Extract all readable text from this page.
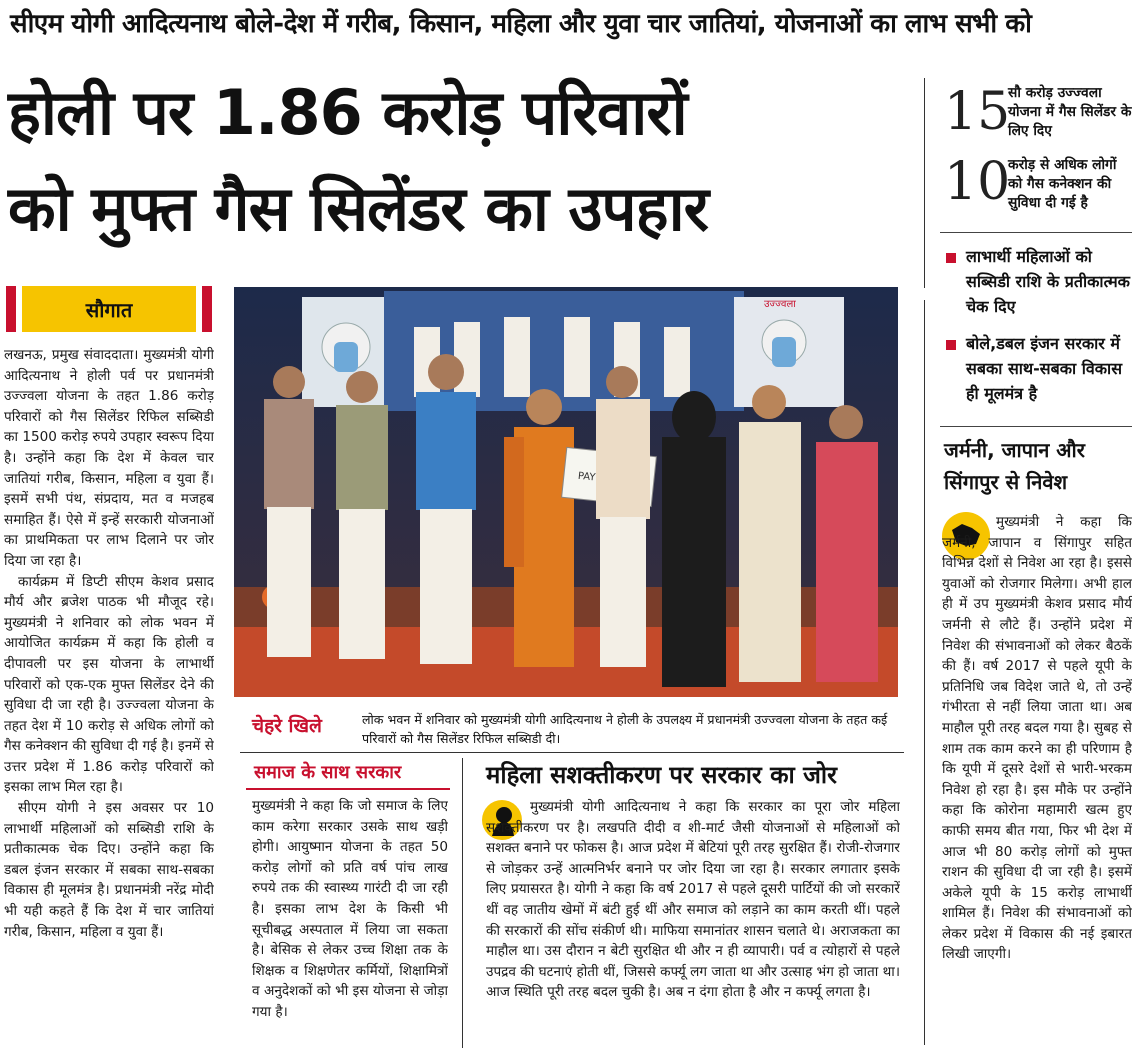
सीएम योगी आदित्यनाथ बोले-देश में गरीब, किसान, महिला और युवा चार जातियां, योजनाओं का लाभ सभी को
होली पर 1.86 करोड़ परिवारों
को मुफ्त गैस सिलेंडर का उपहार
सौगात

लखनऊ, प्रमुख संवाददाता। मुख्यमंत्री योगी आदित्यनाथ ने होली पर्व पर प्रधानमंत्री उज्ज्वला योजना के तहत 1.86 करोड़ परिवारों को गैस सिलेंडर रिफिल सब्सिडी का 1500 करोड़ रुपये उपहार स्वरूप दिया है। उन्होंने कहा कि देश में केवल चार जातियां गरीब, किसान, महिला व युवा हैं। इसमें सभी पंथ, संप्रदाय, मत व मजहब समाहित हैं। ऐसे में इन्हें सरकारी योजनाओं का प्राथमिकता पर लाभ दिलाने पर जोर दिया जा रहा है।

कार्यक्रम में डिप्टी सीएम केशव प्रसाद मौर्य और ब्रजेश पाठक भी मौजूद रहे। मुख्यमंत्री ने शनिवार को लोक भवन में आयोजित कार्यक्रम में कहा कि होली व दीपावली पर इस योजना के लाभार्थी परिवारों को एक-एक मुफ्त सिलेंडर देने की सुविधा दी जा रही है। उज्ज्वला योजना के तहत देश में 10 करोड़ से अधिक लोगों को गैस कनेक्शन की सुविधा दी गई है। इनमें से उत्तर प्रदेश में 1.86 करोड़ परिवारों को इसका लाभ मिल रहा है।

सीएम योगी ने इस अवसर पर 10 लाभार्थी महिलाओं को सब्सिडी राशि के प्रतीकात्मक चेक दिए। उन्होंने कहा कि डबल इंजन सरकार में सबका साथ-सबका विकास ही मूलमंत्र है। प्रधानमंत्री नरेंद्र मोदी भी यही कहते हैं कि देश में चार जातियां गरीब, किसान, महिला व युवा हैं।

उज्ज्वला
PAY
चेहरे खिले	लोक भवन में शनिवार को मुख्यमंत्री योगी आदित्यनाथ ने होली के उपलक्ष्य में प्रधानमंत्री उज्ज्वला योजना के तहत कई परिवारों को गैस सिलेंडर रिफिल सब्सिडी दी।
समाज के साथ सरकार

मुख्यमंत्री ने कहा कि जो समाज के लिए काम करेगा सरकार उसके साथ खड़ी होगी। आयुष्मान योजना के तहत 50 करोड़ लोगों को प्रति वर्ष पांच लाख रुपये तक की स्वास्थ्य गारंटी दी जा रही है। इसका लाभ देश के किसी भी सूचीबद्ध अस्पताल में लिया जा सकता है। बेसिक से लेकर उच्च शिक्षा तक के शिक्षक व शिक्षणेतर कर्मियों, शिक्षामित्रों व अनुदेशकों को भी इस योजना से जोड़ा गया है।

महिला सशक्तीकरण पर सरकार का जोर

मुख्यमंत्री योगी आदित्यनाथ ने कहा कि सरकार का पूरा जोर महिला सशक्तीकरण पर है। लखपति दीदी व शी-मार्ट जैसी योजनाओं से महिलाओं को सशक्त बनाने पर फोकस है। आज प्रदेश में बेटियां पूरी तरह सुरक्षित हैं। रोजी-रोजगार से जोड़कर उन्हें आत्मनिर्भर बनाने पर जोर दिया जा रहा है। सरकार लगातार इसके लिए प्रयासरत है। योगी ने कहा कि वर्ष 2017 से पहले दूसरी पार्टियों की जो सरकारें थीं वह जातीय खेमों में बंटी हुई थीं और समाज को लड़ाने का काम करती थीं। पहले की सरकारों की सोंच संकीर्ण थी। माफिया समानांतर शासन चलाते थे। अराजकता का माहौल था। उस दौरान न बेटी सुरक्षित थी और न ही व्यापारी। पर्व व त्योहारों से पहले उपद्रव की घटनाएं होती थीं, जिससे कर्फ्यू लग जाता था और उत्साह भंग हो जाता था। आज स्थिति पूरी तरह बदल चुकी है। अब न दंगा होता है और न कर्फ्यू लगता है।

15
सौ करोड़ उज्ज्वला योजना में गैस सिलेंडर के लिए दिए
10
करोड़ से अधिक लोगों को गैस कनेक्शन की सुविधा दी गई है
लाभार्थी महिलाओं को सब्सिडी राशि के प्रतीकात्मक चेक दिए
बोले,डबल इंजन सरकार में सबका साथ-सबका विकास ही मूलमंत्र है
जर्मनी, जापान और सिंगापुर से निवेश

मुख्यमंत्री ने कहा कि जर्मनी, जापान व सिंगापुर सहित विभिन्न देशों से निवेश आ रहा है। इससे युवाओं को रोजगार मिलेगा। अभी हाल ही में उप मुख्यमंत्री केशव प्रसाद मौर्य जर्मनी से लौटे हैं। उन्होंने प्रदेश में निवेश की संभावनाओं को लेकर बैठकें की हैं। वर्ष 2017 से पहले यूपी के प्रतिनिधि जब विदेश जाते थे, तो उन्हें गंभीरता से नहीं लिया जाता था। अब माहौल पूरी तरह बदल गया है। सुबह से शाम तक काम करने का ही परिणाम है कि यूपी में दूसरे देशों से भारी-भरकम निवेश हो रहा है। इस मौके पर उन्होंने कहा कि कोरोना महामारी खत्म हुए काफी समय बीत गया, फिर भी देश में आज भी 80 करोड़ लोगों को मुफ्त राशन की सुविधा दी जा रही है। इसमें अकेले यूपी के 15 करोड़ लाभार्थी शामिल हैं। निवेश की संभावनाओं को लेकर प्रदेश में विकास की नई इबारत लिखी जाएगी।
